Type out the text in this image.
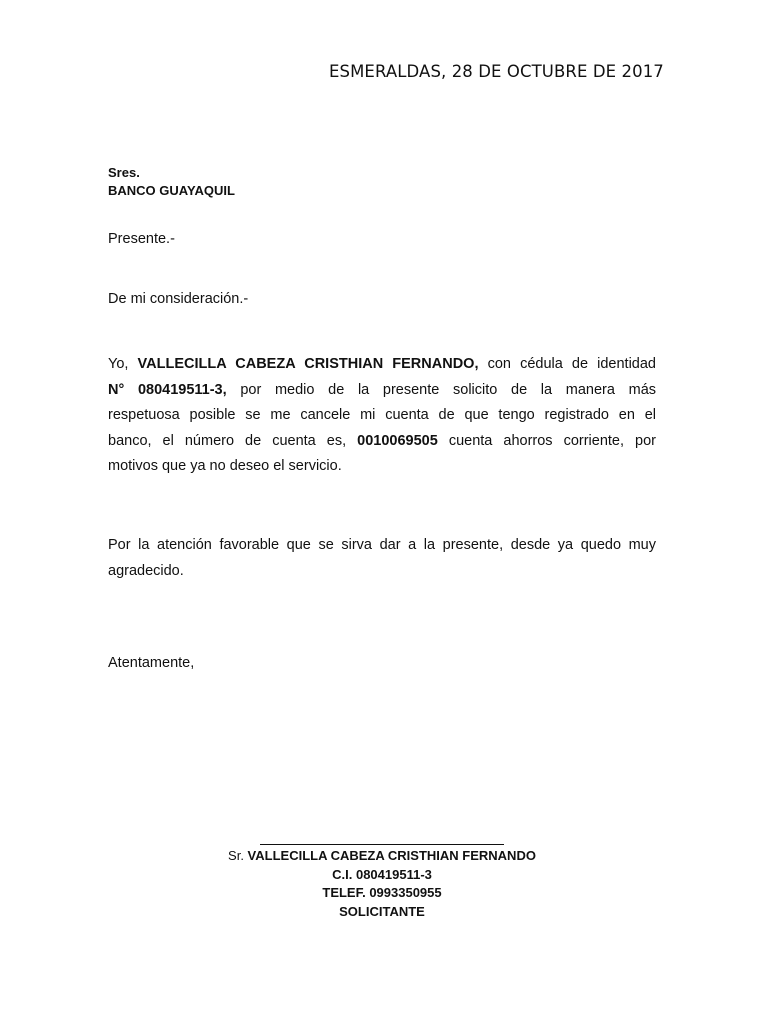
ESMERALDAS, 28 DE OCTUBRE DE 2017
Sres.
BANCO GUAYAQUIL
Presente.-
De mi consideración.-
Yo, VALLECILLA CABEZA CRISTHIAN FERNANDO, con cédula de identidad
N° 080419511-3, por medio de la presente solicito de la manera más
respetuosa posible se me cancele mi cuenta de que tengo registrado en el
banco, el número de cuenta es, 0010069505 cuenta ahorros corriente, por
motivos que ya no deseo el servicio.
Por la atención favorable que se sirva dar a la presente, desde ya quedo muy
agradecido.
Atentamente,
Sr. VALLECILLA CABEZA CRISTHIAN FERNANDO
C.I. 080419511-3
TELEF. 0993350955
SOLICITANTE
